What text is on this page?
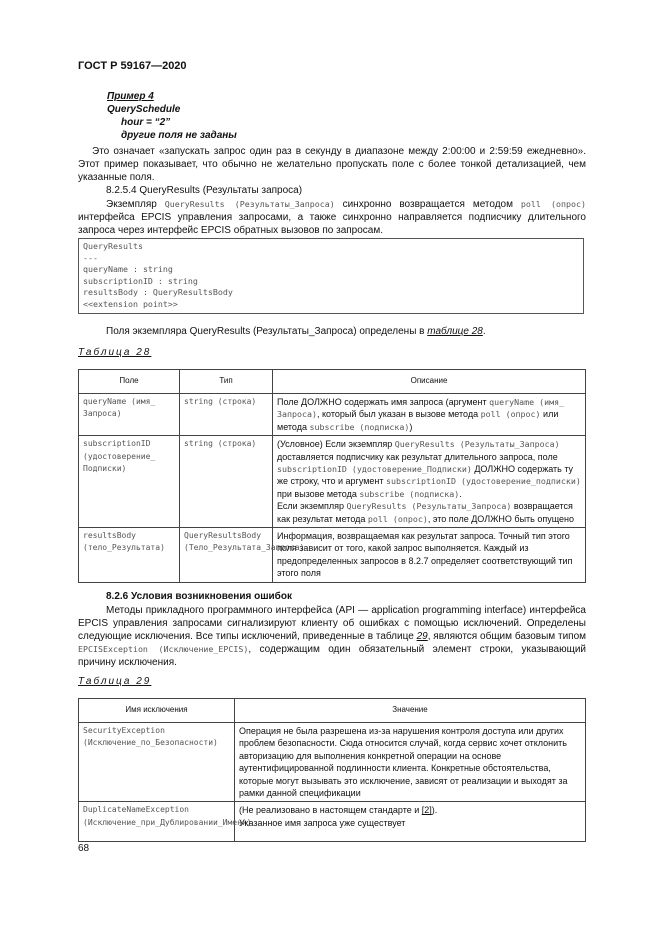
ГОСТ Р 59167—2020
Пример 4
QuerySchedule
hour = “2”
другие поля не заданы
Это означает «запускать запрос один раз в секунду в диапазоне между 2:00:00 и 2:59:59 ежедневно». Этот пример показывает, что обычно не желательно пропускать поле с более тонкой детализацией, чем указанные поля.
8.2.5.4 QueryResults (Результаты запроса)
Экземпляр QueryResults (Результаты_Запроса) синхронно возвращается методом poll (опрос) интерфейса EPCIS управления запросами, а также синхронно направляется подписчику длительного запроса через интерфейс EPCIS обратных вызовов по запросам.
QueryResults
---
queryName : string
subscriptionID : string
resultsBody : QueryResultsBody
<<extension point>>
Поля экземпляра QueryResults (Результаты_Запроса) определены в таблице 28.
Таблица 28
Поле	Тип	Описание
queryName (имя_ Запроса)	string (строка)	Поле ДОЛЖНО содержать имя запроса (аргумент queryName (имя_ Запроса), который был указан в вызове метода poll (опрос) или метода subscribe (подписка))
subscriptionID (удостоверение_ Подписки)	string (строка)	(Условное) Если экземпляр QueryResults (Результаты_Запроса) доставляется подписчику как результат длительного запроса, поле subscriptionID (удостоверение_Подписки) ДОЛЖНО содержать ту же строку, что и аргумент subscriptionID (удостоверение_подписки) при вызове метода subscribe (подписка).
Если экземпляр QueryResults (Результаты_Запроса) возвращается как результат метода poll (опрос), это поле ДОЛЖНО быть опущено
resultsBody (тело_Результата)	QueryResultsBody (Тело_Результата_Запроса)	Информация, возвращаемая как результат запроса. Точный тип этого поля зависит от того, какой запрос выполняется. Каждый из предопределенных запросов в 8.2.7 определяет соответствующий тип этого поля
8.2.6 Условия возникновения ошибок
Методы прикладного программного интерфейса (API — application programming interface) интерфейса EPCIS управления запросами сигнализируют клиенту об ошибках с помощью исключений. Определены следующие исключения. Все типы исключений, приведенные в таблице 29, являются общим базовым типом EPCISException (Исключение_EPCIS), содержащим один обязательный элемент строки, указывающий причину исключения.
Таблица 29
Имя исключения	Значение
SecurityException (Исключение_по_Безопасности)	Операция не была разрешена из-за нарушения контроля доступа или других проблем безопасности. Сюда относится случай, когда сервис хочет отклонить авторизацию для выполнения конкретной операции на основе аутентифицированной подлинности клиента. Конкретные обстоятельства, которые могут вызывать это исключение, зависят от реализации и выходят за рамки данной спецификации
DuplicateNameException (Исключение_при_Дублировании_Имени)	(Не реализовано в настоящем стандарте и [2]).
Указанное имя запроса уже существует
68
